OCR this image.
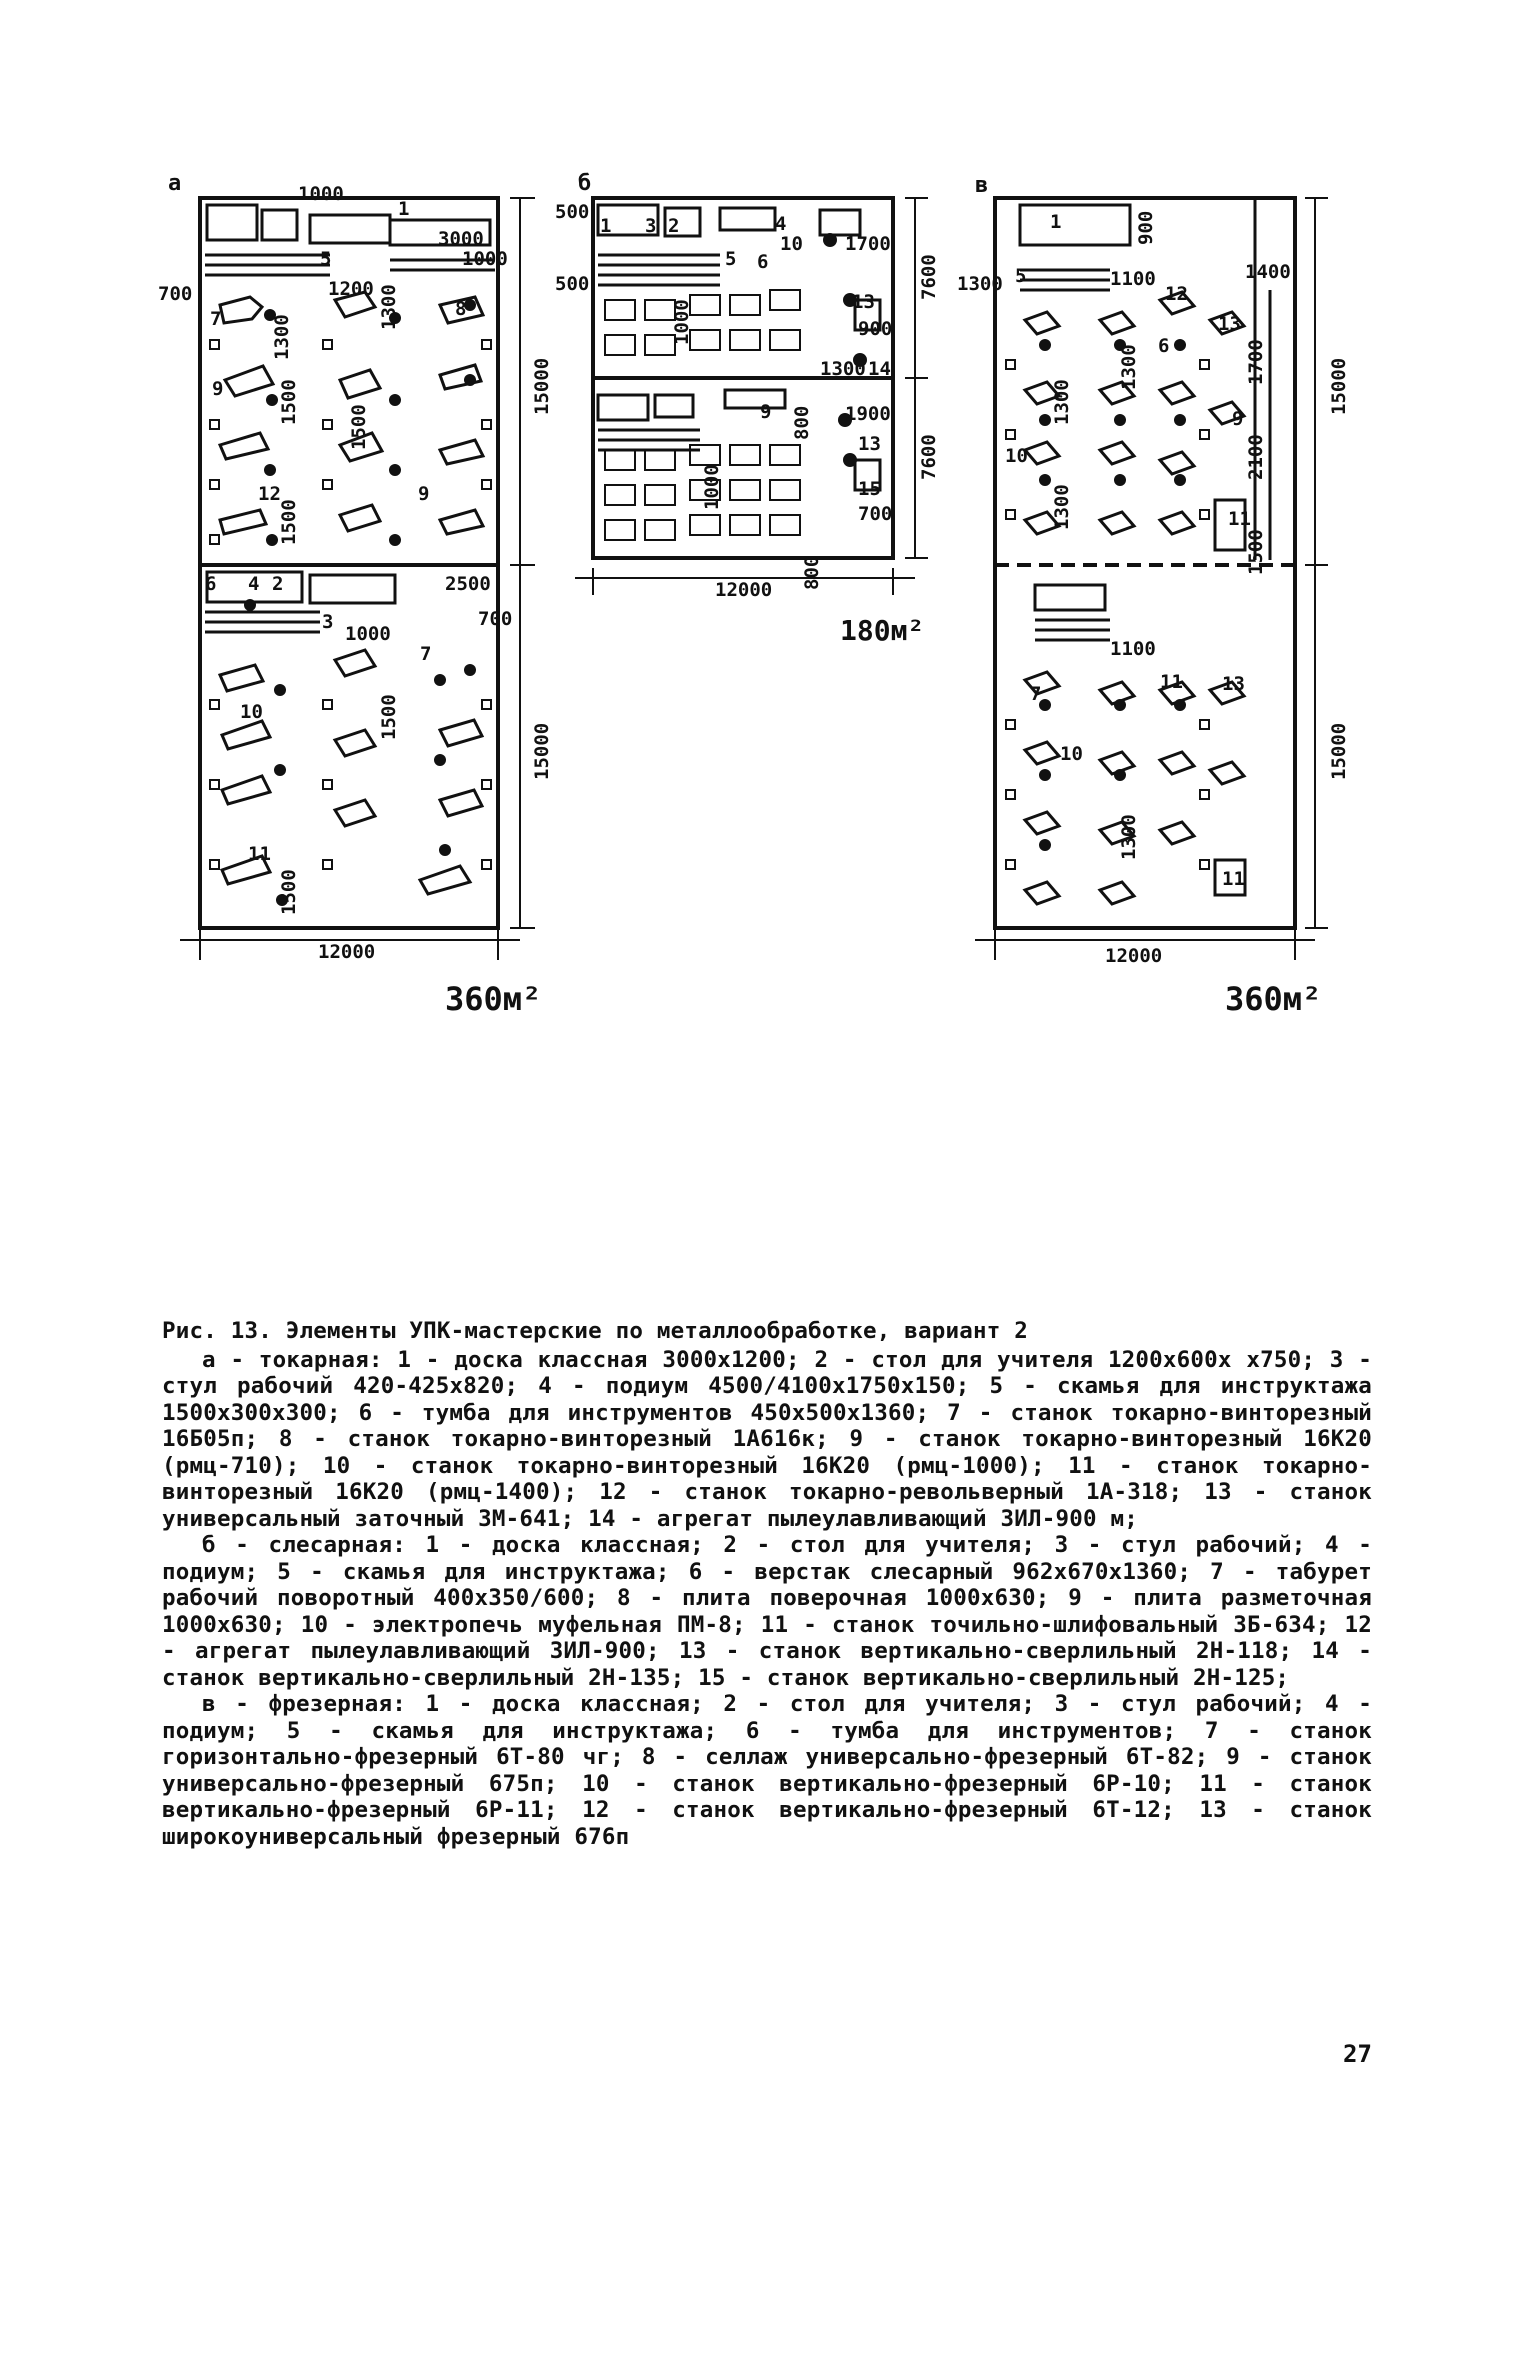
а	1000
1
3000
1000
5
1200
700
7	8
1300
1300
9	1500
1500
15000
12
1500
9
6 4 2	2500
3	700
1000
7
10	1500
15000
11
1500
12000
360м²
б
500
1 3 2	4
10 1700
500
5 6	7600
13
900
1000
1300 14
9	1900
800
13 7600
15
1000
700
800
12000
180м²
в
1	900
1300 5	1100	1400
12
13
6
1300	1700
1300	9
10	2100
1300	11
1500
15000
1100
7
11 13
10	15000
1300
11
12000
360м²

Рис. 13. Элементы УПК-мастерские по металлообработке, вариант 2

а - токарная: 1 - доска классная 3000х1200; 2 - стол для учителя 1200х600х х750; 3 - стул рабочий 420-425х820; 4 - подиум 4500/4100х1750х150; 5 - скамья для инструктажа 1500х300х300; 6 - тумба для инструментов 450х500х1360; 7 - станок токарно-винторезный 16Б05п; 8 - станок токарно-винторезный 1А616к; 9 - станок токарно-винторезный 16К20 (рмц-710); 10 - станок токарно-винторезный 16К20 (рмц-1000); 11 - станок токарно-винторезный 16К20 (рмц-1400); 12 - станок токарно-револьверный 1А-318; 13 - станок универсальный заточный ЗМ-641; 14 - агрегат пылеулавливающий ЗИЛ-900 м;

б - слесарная: 1 - доска классная; 2 - стол для учителя; 3 - стул рабочий; 4 - подиум; 5 - скамья для инструктажа; 6 - верстак слесарный 962х670х1360; 7 - табурет рабочий поворотный 400х350/600; 8 - плита поверочная 1000х630; 9 - плита разметочная 1000х630; 10 - электропечь муфельная ПМ-8; 11 - станок точильно-шлифовальный 3Б-634; 12 - агрегат пылеулавливающий ЗИЛ-900; 13 - станок вертикально-сверлильный 2Н-118; 14 - станок вертикально-сверлильный 2Н-135; 15 - станок вертикально-сверлильный 2Н-125;

в - фрезерная: 1 - доска классная; 2 - стол для учителя; 3 - стул рабочий; 4 - подиум; 5 - скамья для инструктажа; 6 - тумба для инструментов; 7 - станок горизонтально-фрезерный 6Т-80 чг; 8 - селлаж универсально-фрезерный 6Т-82; 9 - станок универсально-фрезерный 675п; 10 - станок вертикально-фрезерный 6Р-10; 11 - станок вертикально-фрезерный 6Р-11; 12 - станок вертикально-фрезерный 6Т-12; 13 - станок широкоуниверсальный фрезерный 676п

27
